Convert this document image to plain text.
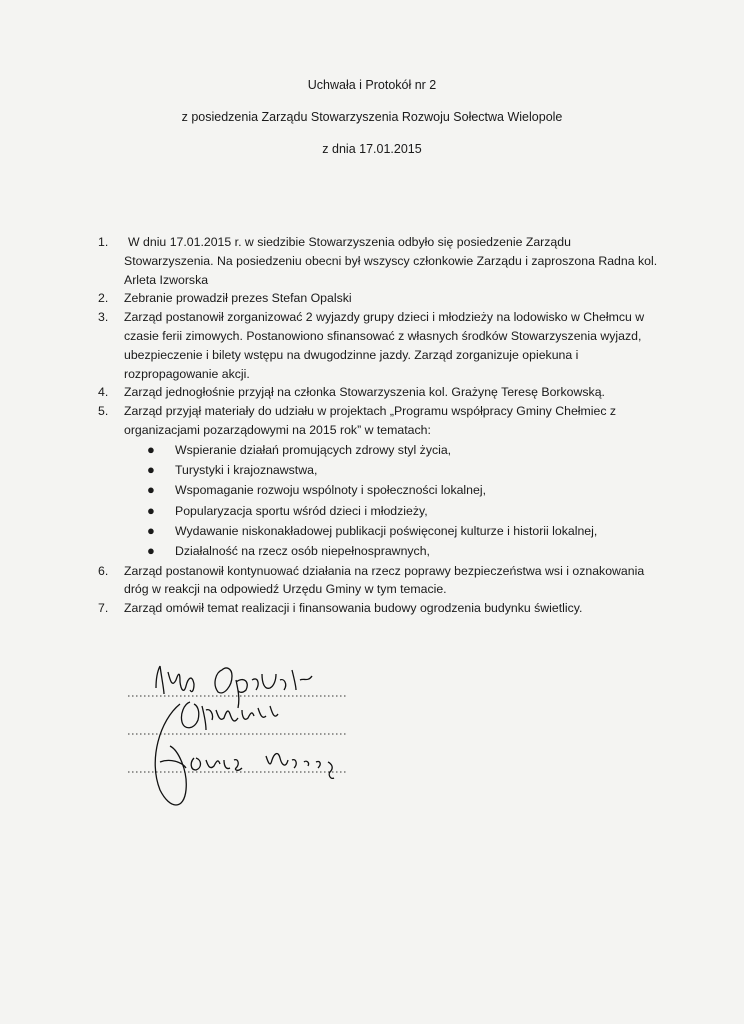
Uchwała i Protokół nr 2
z posiedzenia Zarządu Stowarzyszenia Rozwoju Sołectwa Wielopole
z dnia 17.01.2015
1.	W dniu 17.01.2015 r. w siedzibie Stowarzyszenia odbyło się posiedzenie Zarządu Stowarzyszenia. Na posiedzeniu obecni był wszyscy członkowie Zarządu i zaproszona Radna kol. Arleta Izworska
2.	Zebranie prowadził prezes Stefan Opalski
3.	Zarząd postanowił zorganizować 2 wyjazdy grupy dzieci i młodzieży na lodowisko w Chełmcu w czasie ferii zimowych. Postanowiono sfinansować z własnych środków Stowarzyszenia wyjazd, ubezpieczenie i bilety wstępu na dwugodzinne jazdy. Zarząd zorganizuje opiekuna i rozpropagowanie akcji.
4.	Zarząd jednogłośnie przyjął na członka Stowarzyszenia kol. Grażynę Teresę Borkowską.
5.	Zarząd przyjął materiały do udziału w projektach „Programu współpracy Gminy Chełmiec z organizacjami pozarządowymi na 2015 rok” w tematach:
●	Wspieranie działań promujących zdrowy styl życia,
●	Turystyki i krajoznawstwa,
●	Wspomaganie rozwoju wspólnoty i społeczności lokalnej,
●	Popularyzacja sportu wśród dzieci i młodzieży,
●	Wydawanie niskonakładowej publikacji poświęconej kulturze i historii lokalnej,
●	Działalność na rzecz osób niepełnosprawnych,
6.	Zarząd postanowił kontynuować działania na rzecz poprawy bezpieczeństwa wsi i oznakowania dróg w reakcji na odpowiedź Urzędu Gminy w tym temacie.
7.	Zarząd omówił temat realizacji i finansowania budowy ogrodzenia budynku świetlicy.
